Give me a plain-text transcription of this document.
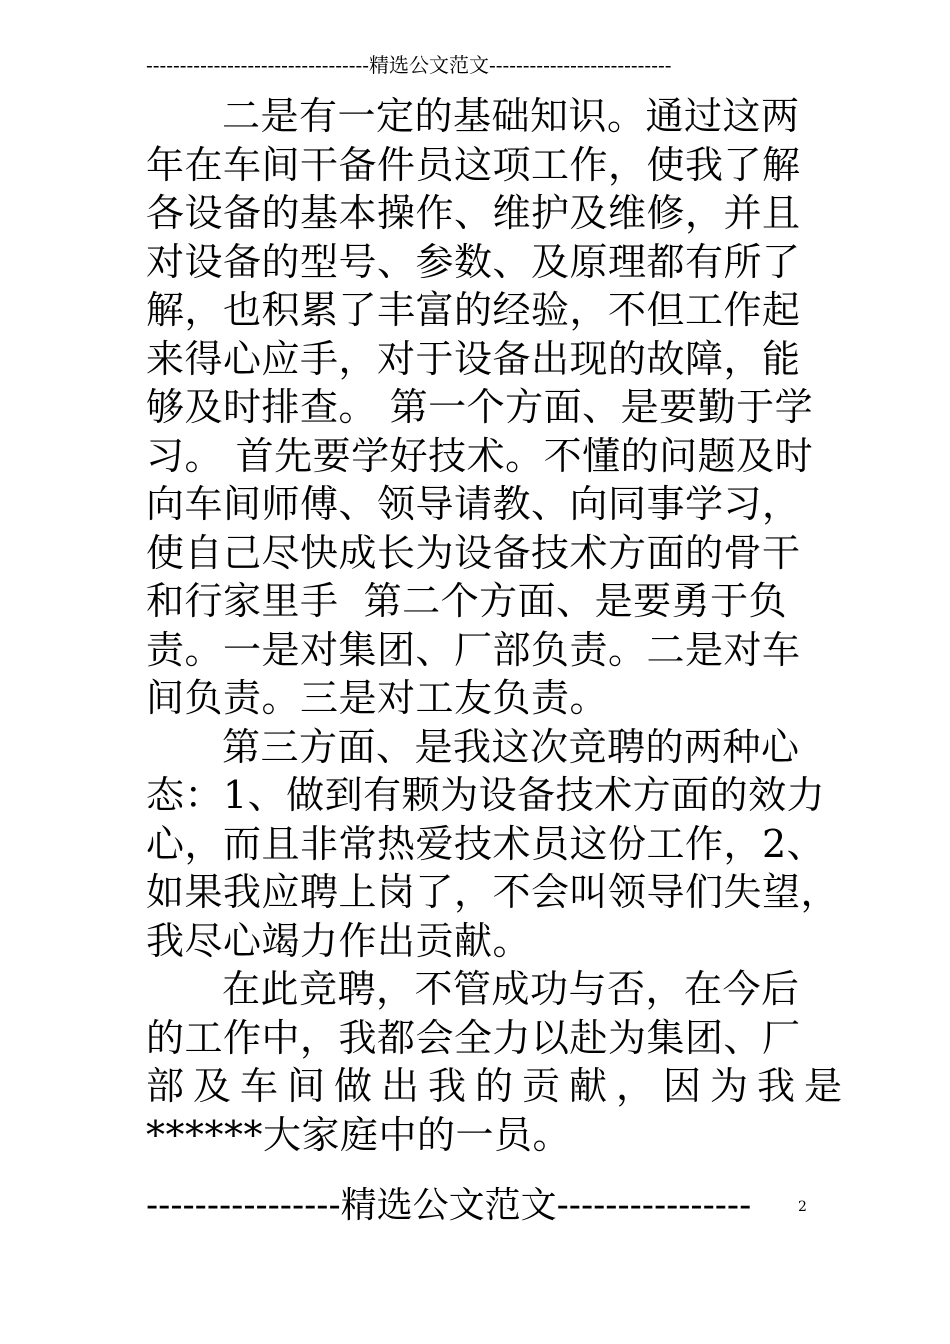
---------------------------------精选公文范文---------------------------
二是有一定的基础知识。通过这两
年在车间干备件员这项工作，使我了解
各设备的基本操作、维护及维修，并且
对设备的型号、参数、及原理都有所了
解，也积累了丰富的经验，不但工作起
来得心应手，对于设备出现的故障，能
够及时排查。 第一个方面、是要勤于学
习。 首先要学好技术。不懂的问题及时
向车间师傅、领导请教、向同事学习，
使自己尽快成长为设备技术方面的骨干
和行家里手  第二个方面、是要勇于负
责。一是对集团、厂部负责。二是对车
间负责。三是对工友负责。
第三方面、是我这次竞聘的两种心
态：1、做到有颗为设备技术方面的效力
心，而且非常热爱技术员这份工作，2、
如果我应聘上岗了，不会叫领导们失望，
我尽心竭力作出贡献。
在此竞聘，不管成功与否，在今后
的工作中，我都会全力以赴为集团、厂
部及车间做出我的贡献，因为我是
******大家庭中的一员。
----------------精选公文范文----------------	2
